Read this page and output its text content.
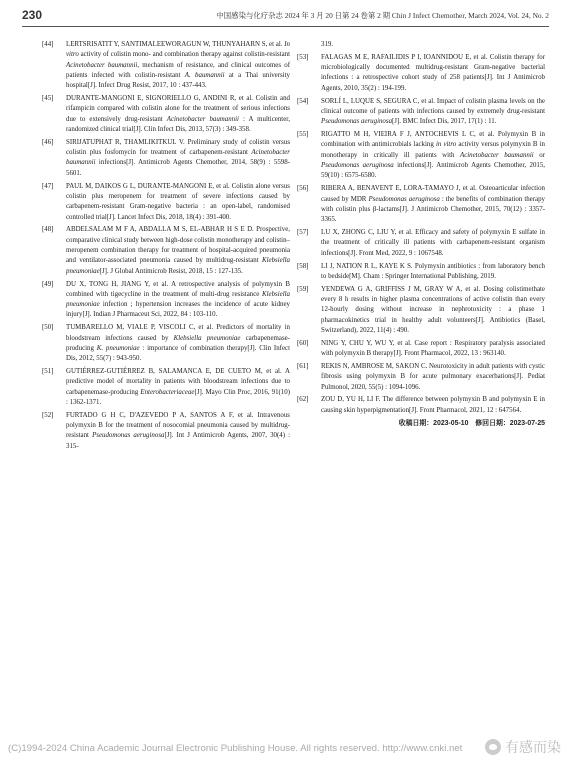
230	中国感染与化疗杂志 2024 年 3 月 20 日第 24 卷第 2 期 Chin J Infect Chemother, March 2024, Vol. 24, No. 2
[44]	LERTSRISATIT Y, SANTIMALEEWORAGUN W, THUNYAHARN S, et al. In vitro activity of colistin mono- and combination therapy against colistin-resistant Acinetobacter baumannii, mechanism of resistance, and clinical outcomes of patients infected with colistin-resistant A. baumannii at a Thai university hospital[J]. Infect Drug Resist, 2017, 10 : 437-443.
[45]	DURANTE-MANGONI E, SIGNORIELLO G, ANDINI R, et al. Colistin and rifampicin compared with colistin alone for the treatment of serious infections due to extensively drug-resistant Acinetobacter baumannii : A multicenter, randomized clinical trial[J]. Clin Infect Dis, 2013, 57(3) : 349-358.
[46]	SIRIJATUPHAT R, THAMLIKITKUL V. Preliminary study of colistin versus colistin plus fosfomycin for treatment of carbapenem-resistant Acinetobacter baumannii infections[J]. Antimicrob Agents Chemother, 2014, 58(9) : 5598-5601.
[47]	PAUL M, DAIKOS G L, DURANTE-MANGONI E, et al. Colistin alone versus colistin plus meropenem for treatment of severe infections caused by carbapenem-resistant Gram-negative bacteria : an open-label, randomised controlled trial[J]. Lancet Infect Dis, 2018, 18(4) : 391-400.
[48]	ABDELSALAM M F A, ABDALLA M S, EL-ABHAR H S E D. Prospective, comparative clinical study between high-dose colistin monotherapy and colistin–meropenem combination therapy for treatment of hospital-acquired pneumonia and ventilator-associated pneumonia caused by multidrug-resistant Klebsiella pneumoniae[J]. J Global Antimicrob Resist, 2018, 15 : 127-135.
[49]	DU X, TONG H, JIANG Y, et al. A retrospective analysis of polymyxin B combined with tigecycline in the treatment of multi-drug resistance Klebsiella pneumoniae infection ; hypertension increases the incidence of acute kidney injury[J]. Indian J Pharmaceut Sci, 2022, 84 : 103-110.
[50]	TUMBARELLO M, VIALE P, VISCOLI C, et al. Predictors of mortality in bloodstream infections caused by Klebsiella pneumoniae carbapenemase-producing K. pneumoniae : importance of combination therapy[J]. Clin Infect Dis, 2012, 55(7) : 943-950.
[51]	GUTIÉRREZ-GUTIÉRREZ B, SALAMANCA E, DE CUETO M, et al. A predictive model of mortality in patients with bloodstream infections due to carbapenemase-producing Enterobacteriaceae[J]. Mayo Clin Proc, 2016, 91(10) : 1362-1371.
[52]	FURTADO G H C, D'AZEVEDO P A, SANTOS A F, et al. Intravenous polymyxin B for the treatment of nosocomial pneumonia caused by multidrug-resistant Pseudomonas aeruginosa[J]. Int J Antimicrob Agents, 2007, 30(4) : 315-
319.
[53]	FALAGAS M E, RAFAILIDIS P I, IOANNIDOU E, et al. Colistin therapy for microbiologically documented multidrug-resistant Gram-negative bacterial infections : a retrospective cohort study of 258 patients[J]. Int J Antimicrob Agents, 2010, 35(2) : 194-199.
[54]	SORLÍ L, LUQUE S, SEGURA C, et al. Impact of colistin plasma levels on the clinical outcome of patients with infections caused by extremely drug-resistant Pseudomonas aeruginosa[J]. BMC Infect Dis, 2017, 17(1) : 11.
[55]	RIGATTO M H, VIEIRA F J, ANTOCHEVIS L C, et al. Polymyxin B in combination with antimicrobials lacking in vitro activity versus polymyxin B in monotherapy in critically ill patients with Acinetobacter baumannii or Pseudomonas aeruginosa infections[J]. Antimicrob Agents Chemother, 2015, 59(10) : 6575-6580.
[56]	RIBERA A, BENAVENT E, LORA-TAMAYO J, et al. Osteoarticular infection caused by MDR Pseudomonas aeruginosa : the benefits of combination therapy with colistin plus β-lactams[J]. J Antimicrob Chemother, 2015, 70(12) : 3357-3365.
[57]	LU X, ZHONG C, LIU Y, et al. Efficacy and safety of polymyxin E sulfate in the treatment of critically ill patients with carbapenem-resistant organism infections[J]. Front Med, 2022, 9 : 1067548.
[58]	LI J, NATION R L, KAYE K S. Polymyxin antibiotics : from laboratory bench to bedside[M]. Cham : Springer International Publishing, 2019.
[59]	YENDEWA G A, GRIFFISS J M, GRAY W A, et al. Dosing colistimethate every 8 h results in higher plasma concentrations of active colistin than every 12-hourly dosing without increase in nephrotoxicity : a phase 1 pharmacokinetics trial in healthy adult volunteers[J]. Antibiotics (Basel, Switzerland), 2022, 11(4) : 490.
[60]	NING Y, CHU Y, WU Y, et al. Case report : Respiratory paralysis associated with polymyxin B therapy[J]. Front Pharmacol, 2022, 13 : 963140.
[61]	REKIS N, AMBROSE M, SAKON C. Neurotoxicity in adult patients with cystic fibrosis using polymyxin B for acute pulmonary exacerbations[J]. Pediat Pulmonol, 2020, 55(5) : 1094-1096.
[62]	ZOU D, YU H, LI F. The difference between polymyxin B and polymyxin E in causing skin hyperpigmentation[J]. Front Pharmacol, 2021, 12 : 647564.
收稿日期：2023-05-10　修回日期：2023-07-25
(C)1994-2024 China Academic Journal Electronic Publishing House. All rights reserved. http://www.cnki.net	有感而染
